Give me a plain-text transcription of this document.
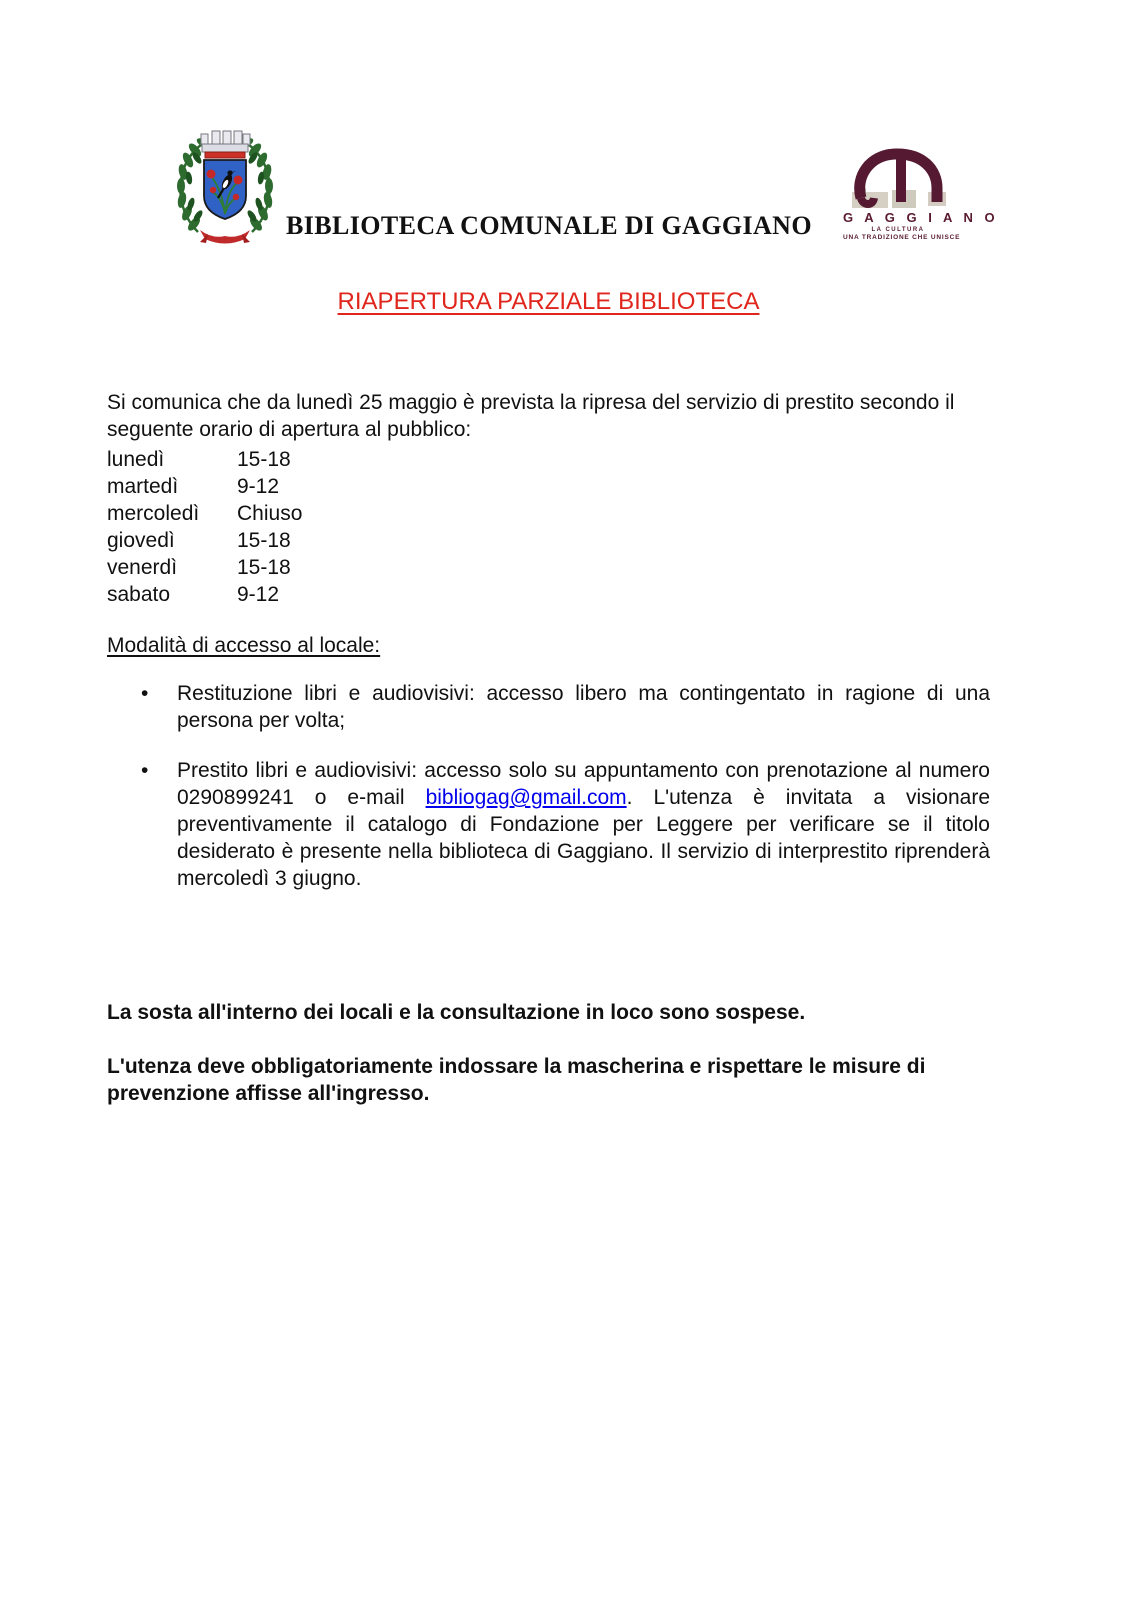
BIBLIOTECA COMUNALE DI GAGGIANO G A G G I A N O
LA CULTURA
UNA TRADIZIONE CHE UNISCE
RIAPERTURA PARZIALE BIBLIOTECA

Si comunica che da lunedì 25 maggio è prevista la ripresa del servizio di prestito secondo il seguente orario di apertura al pubblico:

lunedì	15-18
martedì	9-12
mercoledì	Chiuso
giovedì	15-18
venerdì	15-18
sabato	9-12
Modalità di accesso al locale:
• Restituzione libri e audiovisivi: accesso libero ma contingentato in ragione di una persona per volta;
• Prestito libri e audiovisivi: accesso solo su appuntamento con prenotazione al numero 0290899241 o e-mail bibliogag@gmail.com. L'utenza è invitata a visionare preventivamente il catalogo di Fondazione per Leggere per verificare se il titolo desiderato è presente nella biblioteca di Gaggiano. Il servizio di interprestito riprenderà mercoledì 3 giugno.

La sosta all'interno dei locali e la consultazione in loco sono sospese.

L'utenza deve obbligatoriamente indossare la mascherina e rispettare le misure di prevenzione affisse all'ingresso.
